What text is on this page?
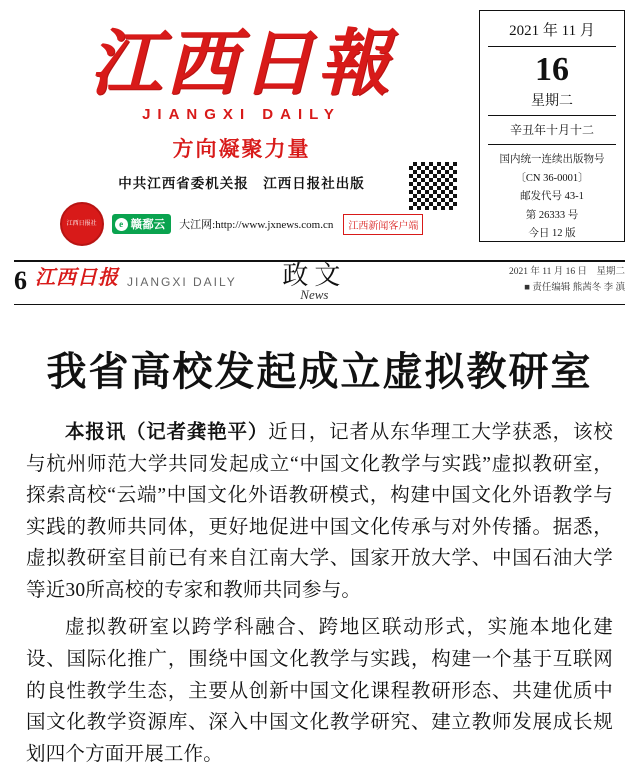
江西日報
JIANGXI DAILY
方向凝聚力量
中共江西省委机关报　江西日报社出版
江西日报社	e 赣鄱云 大江网:http://www.jxnews.com.cn	江西新闻客户端
2021 年 11 月
16
星期二
辛丑年十月十二
国内统一连续出版物号
〔CN 36-0001〕
邮发代号 43-1
第 26333 号
今日 12 版
6 江西日报 JIANGXI DAILY 政文
News
2021 年 11 月 16 日　星期二
■ 责任编辑 熊茜冬 李 滇
我省高校发起成立虚拟教研室

本报讯（记者龚艳平）近日，记者从东华理工大学获悉，该校与杭州师范大学共同发起成立“中国文化教学与实践”虚拟教研室，探索高校“云端”中国文化外语教研模式，构建中国文化外语教学与实践的教师共同体，更好地促进中国文化传承与对外传播。据悉，虚拟教研室目前已有来自江南大学、国家开放大学、中国石油大学等近30所高校的专家和教师共同参与。

虚拟教研室以跨学科融合、跨地区联动形式，实施本地化建设、国际化推广，围绕中国文化教学与实践，构建一个基于互联网的良性教学生态，主要从创新中国文化课程教研形态、共建优质中国文化教学资源库、深入中国文化教学研究、建立教师发展成长规划四个方面开展工作。
